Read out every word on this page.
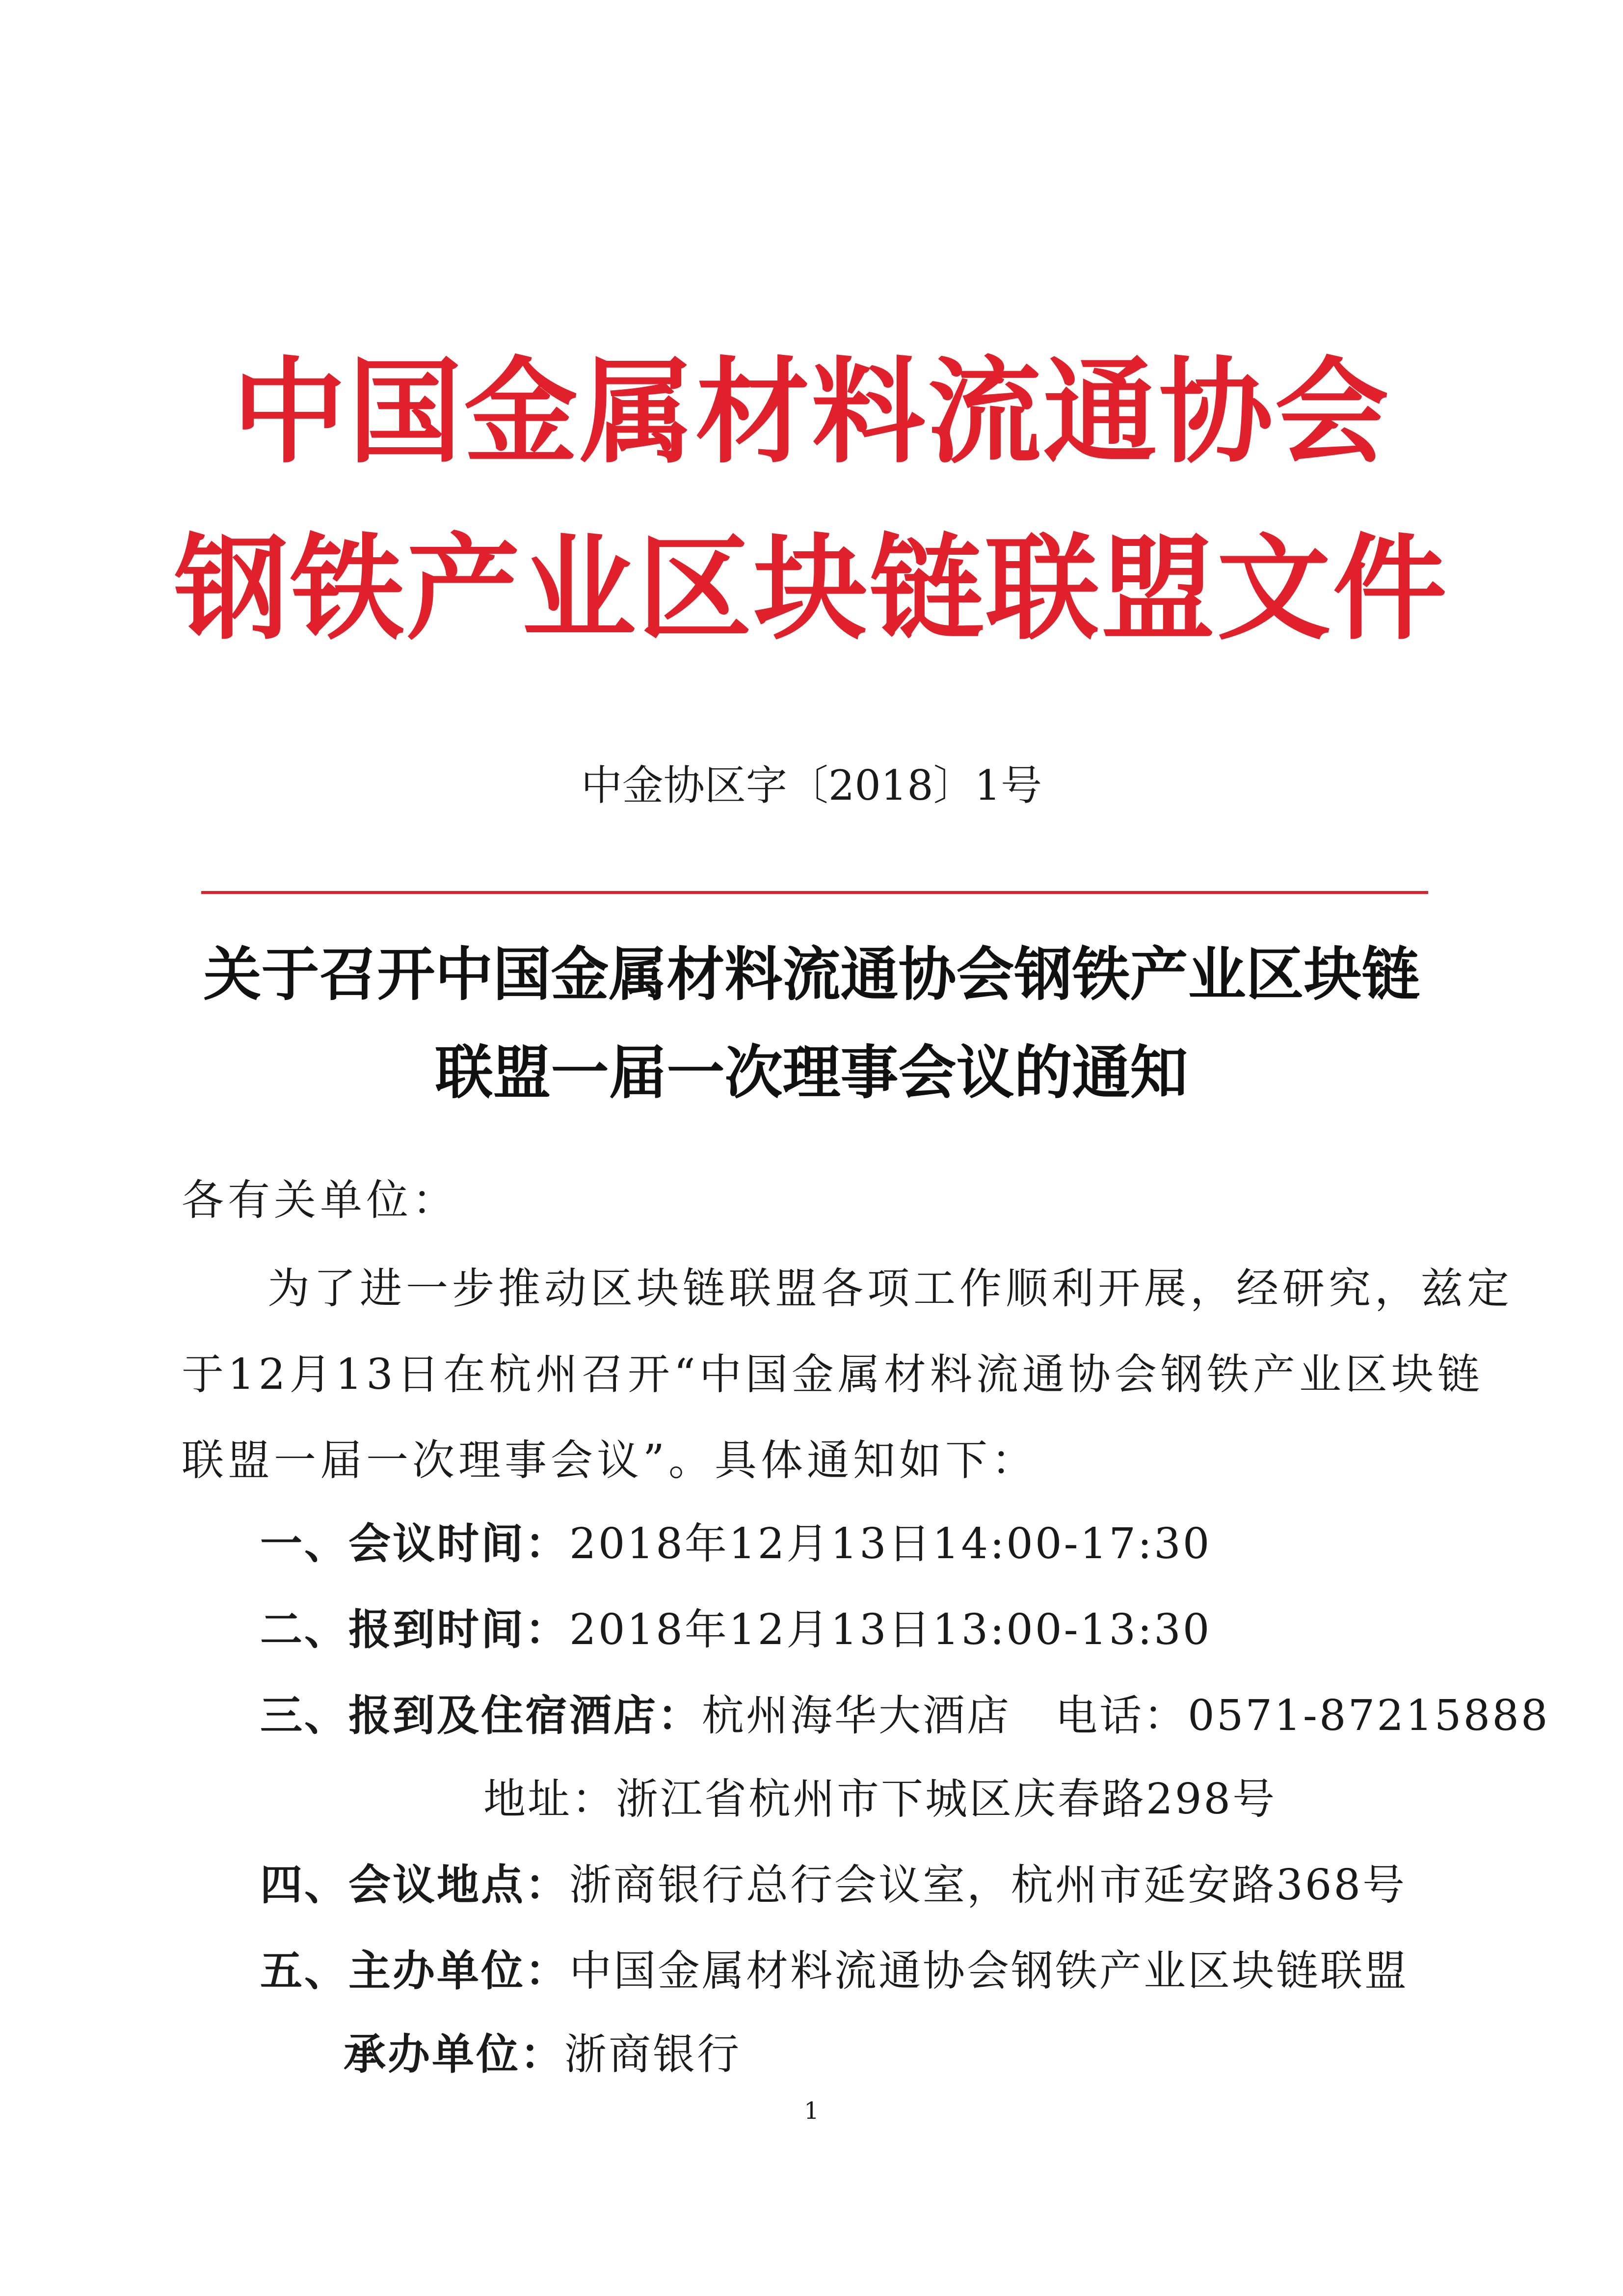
中国金属材料流通协会
钢铁产业区块链联盟文件
中金协区字〔2018〕1号
关于召开中国金属材料流通协会钢铁产业区块链
联盟一届一次理事会议的通知
各有关单位：
为了进一步推动区块链联盟各项工作顺利开展，经研究，兹定
于12月13日在杭州召开“中国金属材料流通协会钢铁产业区块链
联盟一届一次理事会议”。具体通知如下：
一、会议时间：2018年12月13日14:00-17:30
二、报到时间：2018年12月13日13:00-13:30
三、报到及住宿酒店：杭州海华大酒店　电话：0571-87215888
地址：浙江省杭州市下城区庆春路298号
四、会议地点：浙商银行总行会议室，杭州市延安路368号
五、主办单位：中国金属材料流通协会钢铁产业区块链联盟
承办单位：浙商银行
1
